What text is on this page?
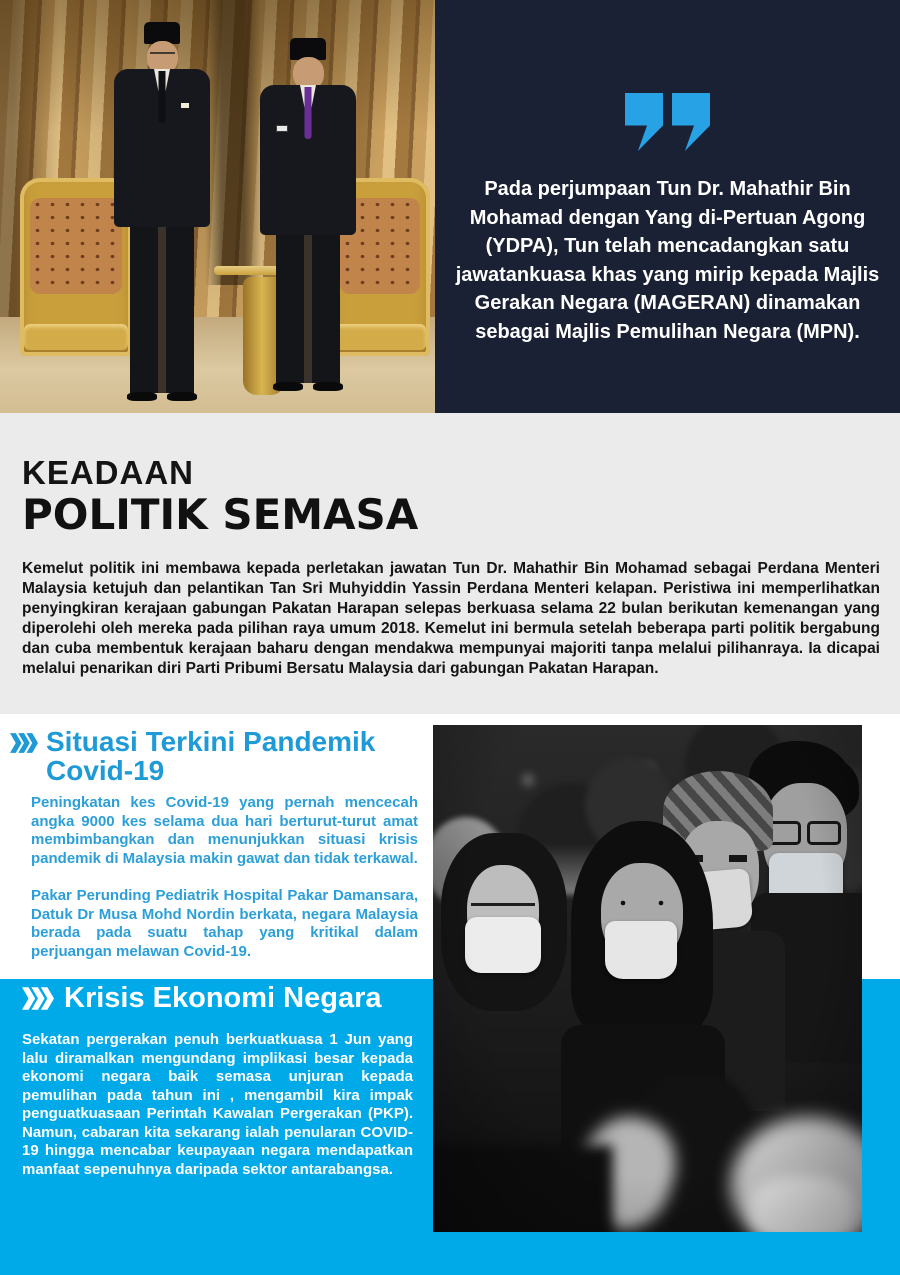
Pada perjumpaan Tun Dr. Mahathir Bin Mohamad dengan Yang di-Pertuan Agong (YDPA), Tun telah mencadangkan satu jawatankuasa khas yang mirip kepada Majlis Gerakan Negara (MAGERAN) dinamakan sebagai Majlis Pemulihan Negara (MPN).

KEADAAN
POLITIK SEMASA

Kemelut politik ini membawa kepada perletakan jawatan Tun Dr. Mahathir Bin Mohamad sebagai Perdana Menteri Malaysia ketujuh dan pelantikan Tan Sri Muhyiddin Yassin Perdana Menteri kelapan. Peristiwa ini memperlihatkan penyingkiran kerajaan gabungan Pakatan Harapan selepas berkuasa selama 22 bulan berikutan kemenangan yang diperolehi oleh mereka pada pilihan raya umum 2018. Kemelut ini bermula setelah beberapa parti politik bergabung dan cuba membentuk kerajaan baharu dengan mendakwa mempunyai majoriti tanpa melalui pilihanraya. Ia dicapai melalui penarikan diri Parti Pribumi Bersatu Malaysia dari gabungan Pakatan Harapan.

Situasi Terkini Pandemik Covid-19

Peningkatan kes Covid-19 yang pernah mencecah angka 9000 kes selama dua hari berturut-turut amat membimbangkan dan menunjukkan situasi krisis pandemik di Malaysia makin gawat dan tidak terkawal.

Pakar Perunding Pediatrik Hospital Pakar Damansara, Datuk Dr Musa Mohd Nordin berkata, negara Malaysia berada pada suatu tahap yang kritikal dalam perjuangan melawan Covid-19.

Krisis Ekonomi Negara

Sekatan pergerakan penuh berkuatkuasa 1 Jun yang lalu diramalkan mengundang implikasi besar kepada ekonomi negara baik semasa unjuran kepada pemulihan pada tahun ini , mengambil kira impak penguatkuasaan Perintah Kawalan Pergerakan (PKP). Namun, cabaran kita sekarang ialah penularan COVID-19 hingga mencabar keupayaan negara mendapatkan manfaat sepenuhnya daripada sektor antarabangsa.
